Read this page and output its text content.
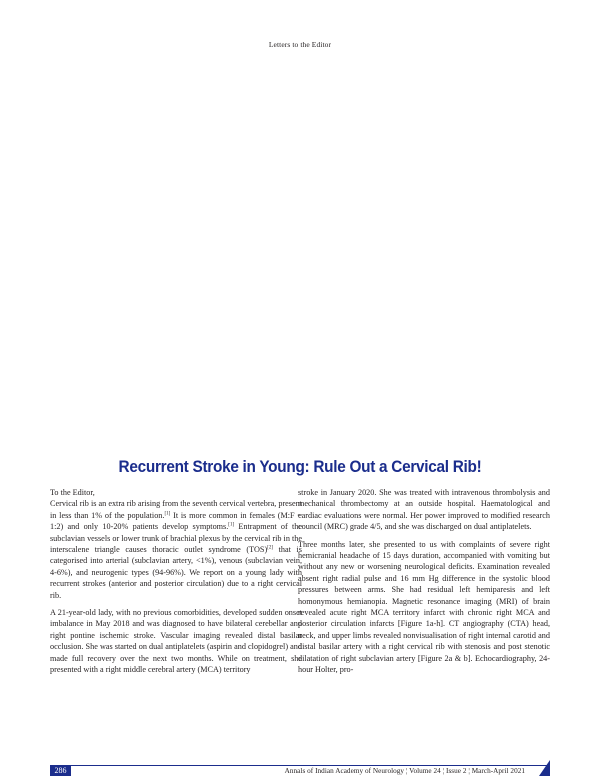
Letters to the Editor
Recurrent Stroke in Young: Rule Out a Cervical Rib!

To the Editor,

Cervical rib is an extra rib arising from the seventh cervical vertebra, present in less than 1% of the population.[1] It is more common in females (M:F = 1:2) and only 10-20% patients develop symptoms.[1] Entrapment of the subclavian vessels or lower trunk of brachial plexus by the cervical rib in the interscalene triangle causes thoracic outlet syndrome (TOS)[2] that is categorised into arterial (subclavian artery, <1%), venous (subclavian vein, 4-6%), and neurogenic types (94-96%). We report on a young lady with recurrent strokes (anterior and posterior circulation) due to a right cervical rib.

A 21-year-old lady, with no previous comorbidities, developed sudden onset imbalance in May 2018 and was diagnosed to have bilateral cerebellar and right pontine ischemic stroke. Vascular imaging revealed distal basilar occlusion. She was started on dual antiplatelets (aspirin and clopidogrel) and made full recovery over the next two months. While on treatment, she presented with a right middle cerebral artery (MCA) territory

stroke in January 2020. She was treated with intravenous thrombolysis and mechanical thrombectomy at an outside hospital. Haematological and cardiac evaluations were normal. Her power improved to modified research council (MRC) grade 4/5, and she was discharged on dual antiplatelets.

Three months later, she presented to us with complaints of severe right hemicranial headache of 15 days duration, accompanied with vomiting but without any new or worsening neurological deficits. Examination revealed absent right radial pulse and 16 mm Hg difference in the systolic blood pressures between arms. She had residual left hemiparesis and left homonymous hemianopia. Magnetic resonance imaging (MRI) of brain revealed acute right MCA territory infarct with chronic right MCA and posterior circulation infarcts [Figure 1a-h]. CT angiography (CTA) head, neck, and upper limbs revealed nonvisualisation of right internal carotid and distal basilar artery with a right cervical rib with stenosis and post stenotic dilatation of right subclavian artery [Figure 2a & b]. Echocardiography, 24-hour Holter, pro-

286	Annals of Indian Academy of Neurology ¦ Volume 24 ¦ Issue 2 ¦ March-April 2021
